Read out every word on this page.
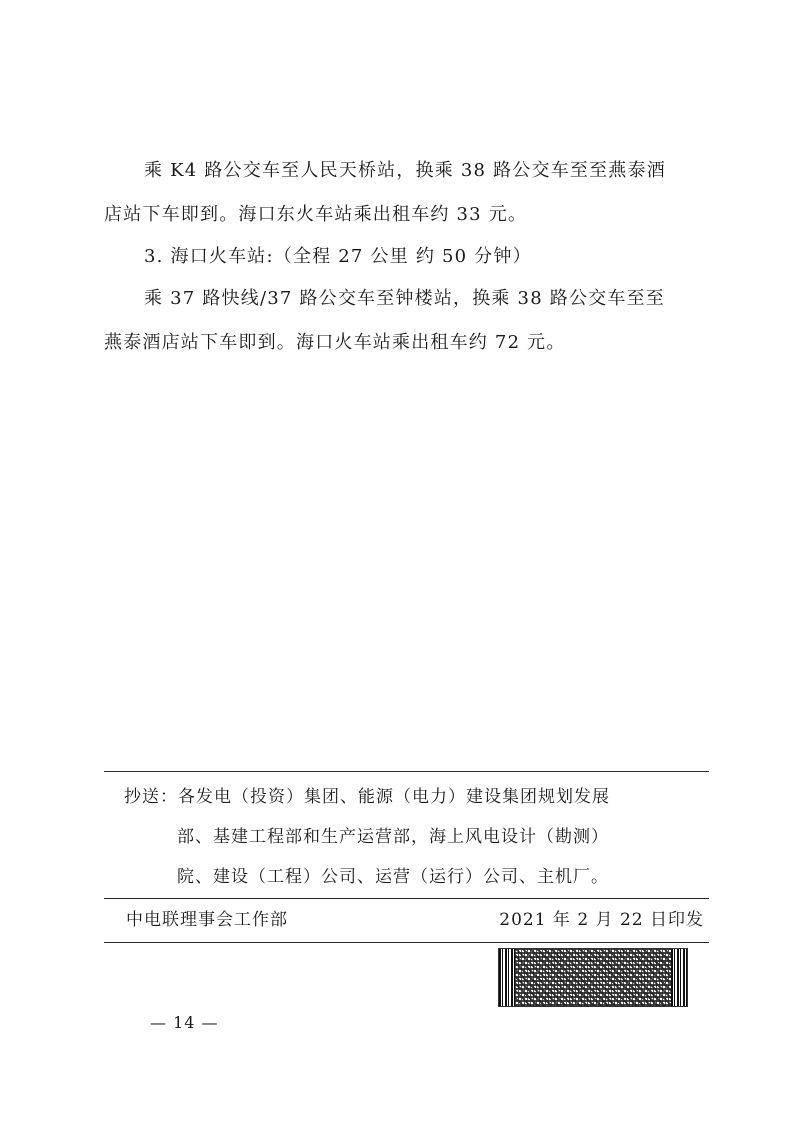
乘 K4 路公交车至人民天桥站，换乘 38 路公交车至至燕泰酒
店站下车即到。海口东火车站乘出租车约 33 元。
3. 海口火车站:（全程 27 公里 约 50 分钟）
乘 37 路快线/37 路公交车至钟楼站，换乘 38 路公交车至至
燕泰酒店站下车即到。海口火车站乘出租车约 72 元。
抄送：各发电（投资）集团、能源（电力）建设集团规划发展
部、基建工程部和生产运营部，海上风电设计（勘测）
院、建设（工程）公司、运营（运行）公司、主机厂。
中电联理事会工作部	2021 年 2 月 22 日印发
— 14 —
